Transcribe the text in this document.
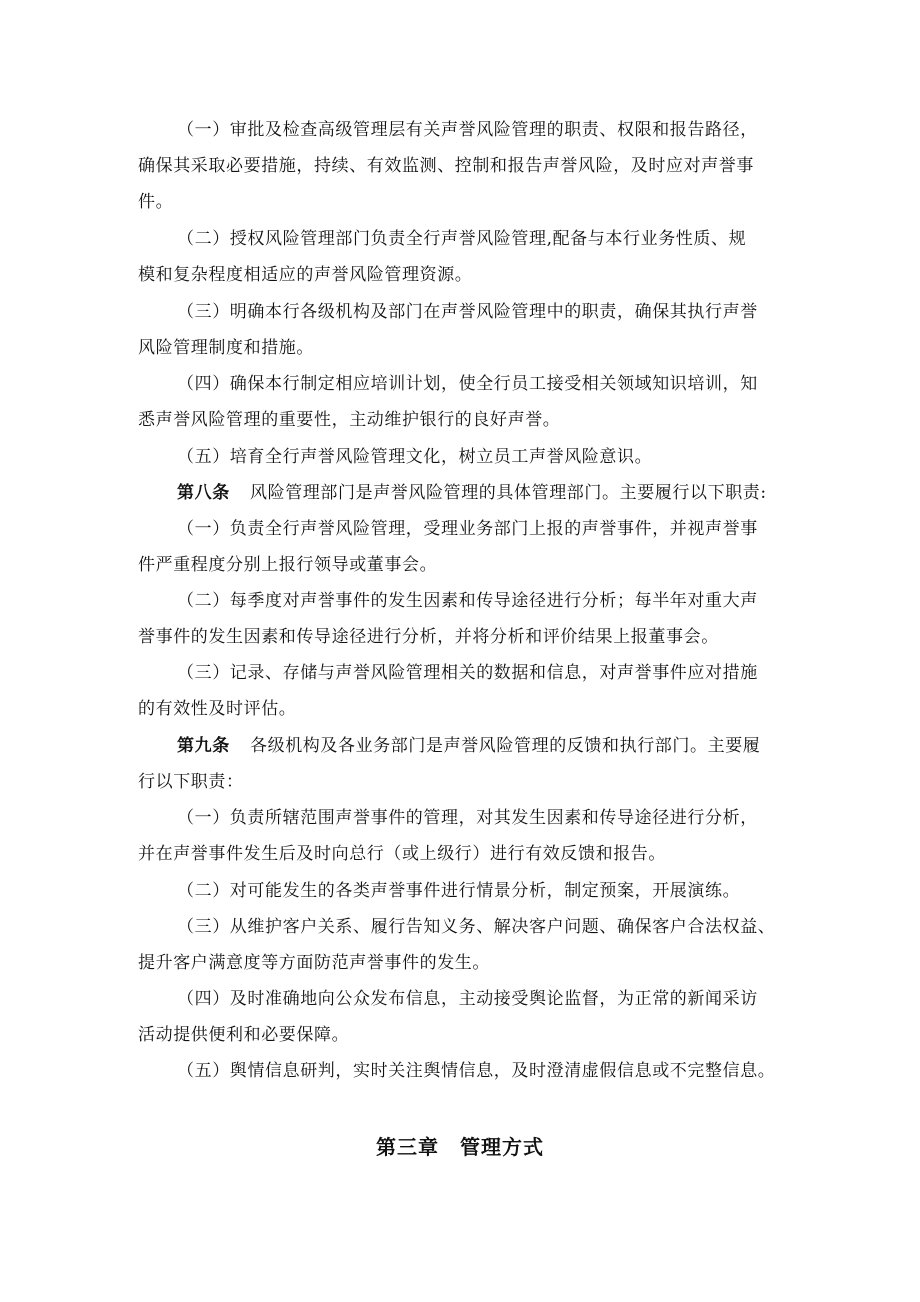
（一）审批及检查高级管理层有关声誉风险管理的职责、权限和报告路径，
确保其采取必要措施，持续、有效监测、控制和报告声誉风险，及时应对声誉事
件。
（二）授权风险管理部门负责全行声誉风险管理,配备与本行业务性质、规
模和复杂程度相适应的声誉风险管理资源。
（三）明确本行各级机构及部门在声誉风险管理中的职责，确保其执行声誉
风险管理制度和措施。
（四）确保本行制定相应培训计划，使全行员工接受相关领域知识培训，知
悉声誉风险管理的重要性，主动维护银行的良好声誉。
（五）培育全行声誉风险管理文化，树立员工声誉风险意识。
第八条 风险管理部门是声誉风险管理的具体管理部门。主要履行以下职责:
（一）负责全行声誉风险管理，受理业务部门上报的声誉事件，并视声誉事
件严重程度分别上报行领导或董事会。
（二）每季度对声誉事件的发生因素和传导途径进行分析；每半年对重大声
誉事件的发生因素和传导途径进行分析，并将分析和评价结果上报董事会。
（三）记录、存储与声誉风险管理相关的数据和信息，对声誉事件应对措施
的有效性及时评估。
第九条 各级机构及各业务部门是声誉风险管理的反馈和执行部门。主要履
行以下职责：
（一）负责所辖范围声誉事件的管理，对其发生因素和传导途径进行分析，
并在声誉事件发生后及时向总行（或上级行）进行有效反馈和报告。
（二）对可能发生的各类声誉事件进行情景分析，制定预案，开展演练。
（三）从维护客户关系、履行告知义务、解决客户问题、确保客户合法权益、
提升客户满意度等方面防范声誉事件的发生。
（四）及时准确地向公众发布信息，主动接受舆论监督，为正常的新闻采访
活动提供便利和必要保障。
（五）舆情信息研判，实时关注舆情信息，及时澄清虚假信息或不完整信息。
第三章　管理方式
